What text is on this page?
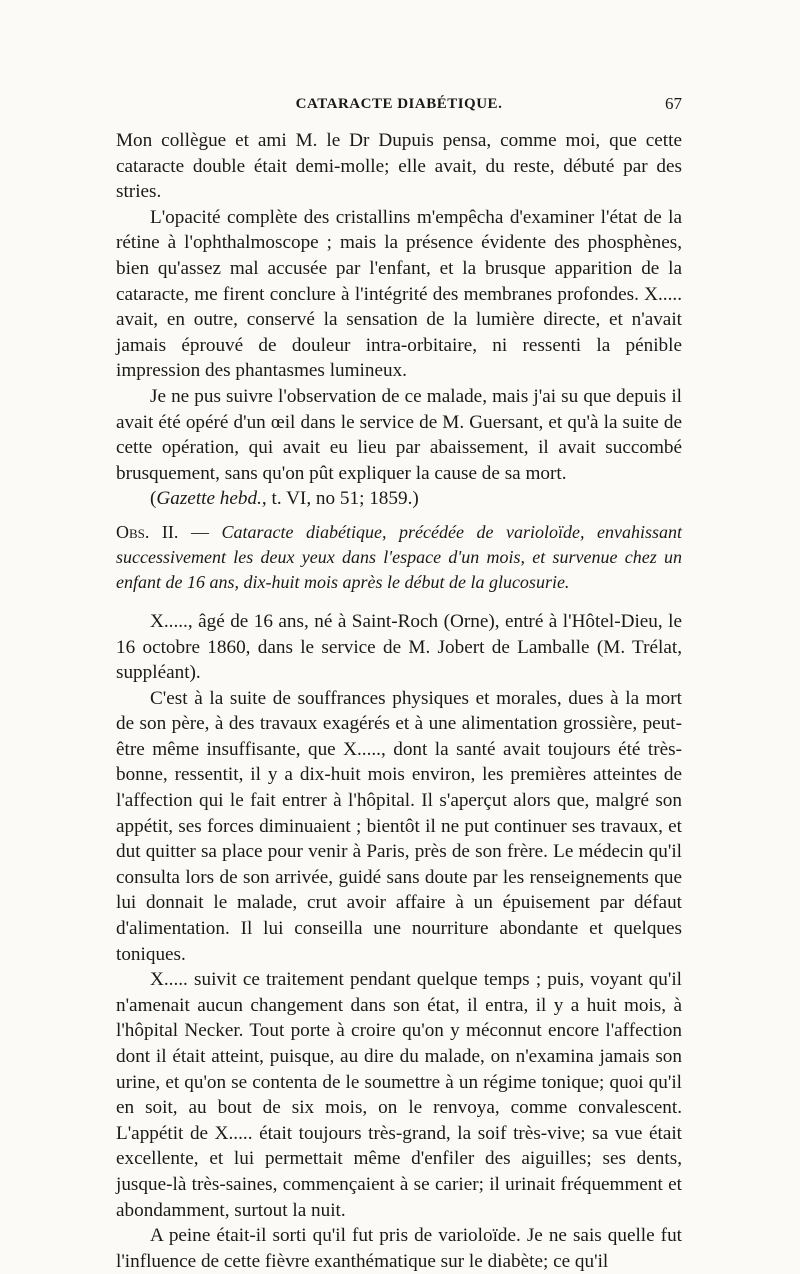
CATARACTE DIABÉTIQUE.	67

Mon collègue et ami M. le Dr Dupuis pensa, comme moi, que cette cataracte double était demi-molle; elle avait, du reste, débuté par des stries.

L'opacité complète des cristallins m'empêcha d'examiner l'état de la rétine à l'ophthalmoscope ; mais la présence évidente des phosphènes, bien qu'assez mal accusée par l'enfant, et la brusque apparition de la cataracte, me firent conclure à l'intégrité des membranes profondes. X..... avait, en outre, conservé la sensation de la lumière directe, et n'avait jamais éprouvé de douleur intra-orbitaire, ni ressenti la pénible impression des phantasmes lumineux.

Je ne pus suivre l'observation de ce malade, mais j'ai su que depuis il avait été opéré d'un œil dans le service de M. Guersant, et qu'à la suite de cette opération, qui avait eu lieu par abaissement, il avait succombé brusquement, sans qu'on pût expliquer la cause de sa mort.

(Gazette hebd., t. VI, no 51; 1859.)

Obs. II. — Cataracte diabétique, précédée de varioloïde, envahissant successivement les deux yeux dans l'espace d'un mois, et survenue chez un enfant de 16 ans, dix-huit mois après le début de la glucosurie.

X....., âgé de 16 ans, né à Saint-Roch (Orne), entré à l'Hôtel-Dieu, le 16 octobre 1860, dans le service de M. Jobert de Lamballe (M. Trélat, suppléant).

C'est à la suite de souffrances physiques et morales, dues à la mort de son père, à des travaux exagérés et à une alimentation grossière, peut-être même insuffisante, que X....., dont la santé avait toujours été très-bonne, ressentit, il y a dix-huit mois environ, les premières atteintes de l'affection qui le fait entrer à l'hôpital. Il s'aperçut alors que, malgré son appétit, ses forces diminuaient ; bientôt il ne put continuer ses travaux, et dut quitter sa place pour venir à Paris, près de son frère. Le médecin qu'il consulta lors de son arrivée, guidé sans doute par les renseignements que lui donnait le malade, crut avoir affaire à un épuisement par défaut d'alimentation. Il lui conseilla une nourriture abondante et quelques toniques.

X..... suivit ce traitement pendant quelque temps ; puis, voyant qu'il n'amenait aucun changement dans son état, il entra, il y a huit mois, à l'hôpital Necker. Tout porte à croire qu'on y méconnut encore l'affection dont il était atteint, puisque, au dire du malade, on n'examina jamais son urine, et qu'on se contenta de le soumettre à un régime tonique; quoi qu'il en soit, au bout de six mois, on le renvoya, comme convalescent. L'appétit de X..... était toujours très-grand, la soif très-vive; sa vue était excellente, et lui permettait même d'enfiler des aiguilles; ses dents, jusque-là très-saines, commençaient à se carier; il urinait fréquemment et abondamment, surtout la nuit.

A peine était-il sorti qu'il fut pris de varioloïde. Je ne sais quelle fut l'influence de cette fièvre exanthématique sur le diabète; ce qu'il
